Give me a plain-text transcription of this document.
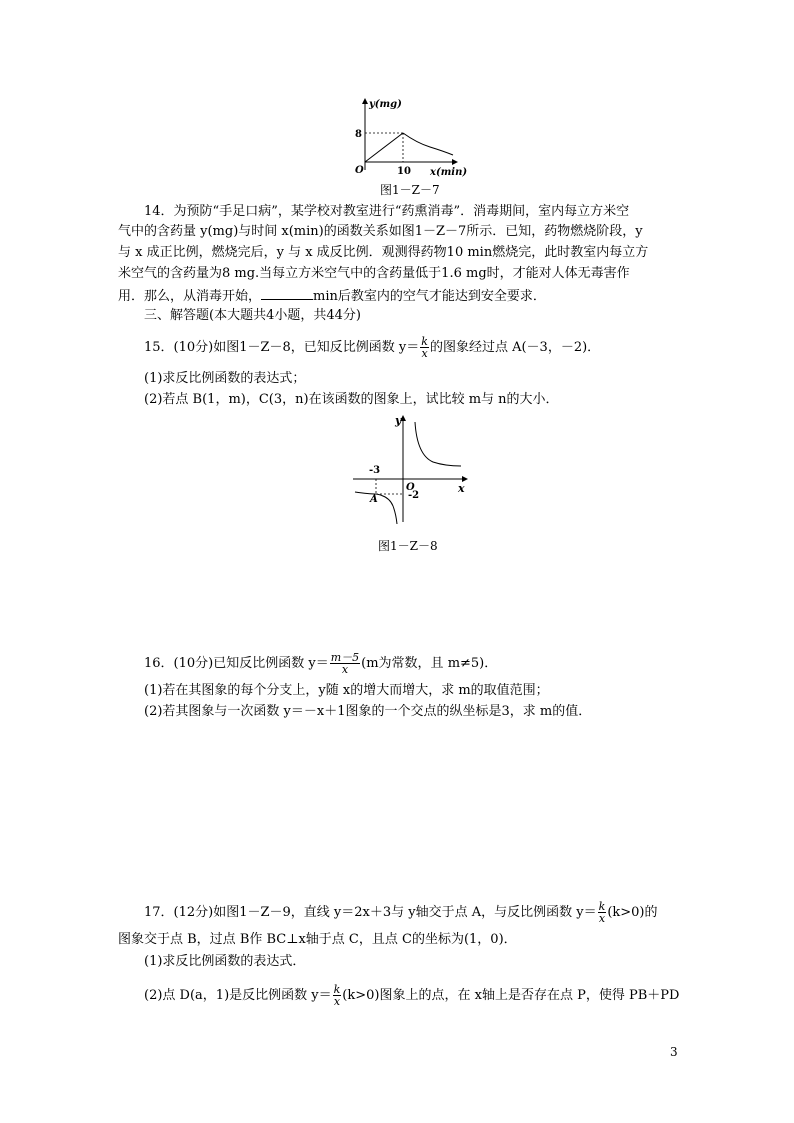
y(mg)
8
O	10 x(min)
图1－Z－7
14．为预防“手足口病”，某学校对教室进行“药熏消毒”．消毒期间，室内每立方米空
气中的含药量 y(mg)与时间 x(min)的函数关系如图1－Z－7所示．已知，药物燃烧阶段，y
与 x 成正比例，燃烧完后，y 与 x 成反比例．观测得药物10 min燃烧完，此时教室内每立方
米空气的含药量为8 mg.当每立方米空气中的含药量低于1.6 mg时，才能对人体无毒害作
用．那么，从消毒开始，	min后教室内的空气才能达到安全要求．
三、解答题(本大题共4小题，共44分)
15．(10分)如图1－Z－8，已知反比例函数 $y= \frac{k}{x}$ 的图象经过点 A(－3，－2)．
(1)求反比例函数的表达式；
(2)若点 B(1，m)，C(3，n)在该函数的图象上，试比较 m与 n的大小．
y
-3
O
-2
x
A
图1－Z－8
16．(10分)已知反比例函数 $y= \frac{m-5}{x} (m$为常数，且 m≠5)．
(1)若在其图象的每个分支上，y随 x的增大而增大，求 m的取值范围；
(2)若其图象与一次函数 y＝－x＋1图象的一个交点的纵坐标是3，求 m的值．
17．(12分)如图1－Z－9，直线 y＝2x＋3与 y轴交于点 A，与反比例函数 $y= \frac{k}{x} (k>0)$的
图象交于点 B，过点 B作 BC⊥x轴于点 C，且点 C的坐标为(1，0)．
(1)求反比例函数的表达式．
(2)点 D(a，1)是反比例函数 $y= \frac{k}{x} (k>0)$图象上的点，在 x轴上是否存在点 P，使得 PB＋PD
3
